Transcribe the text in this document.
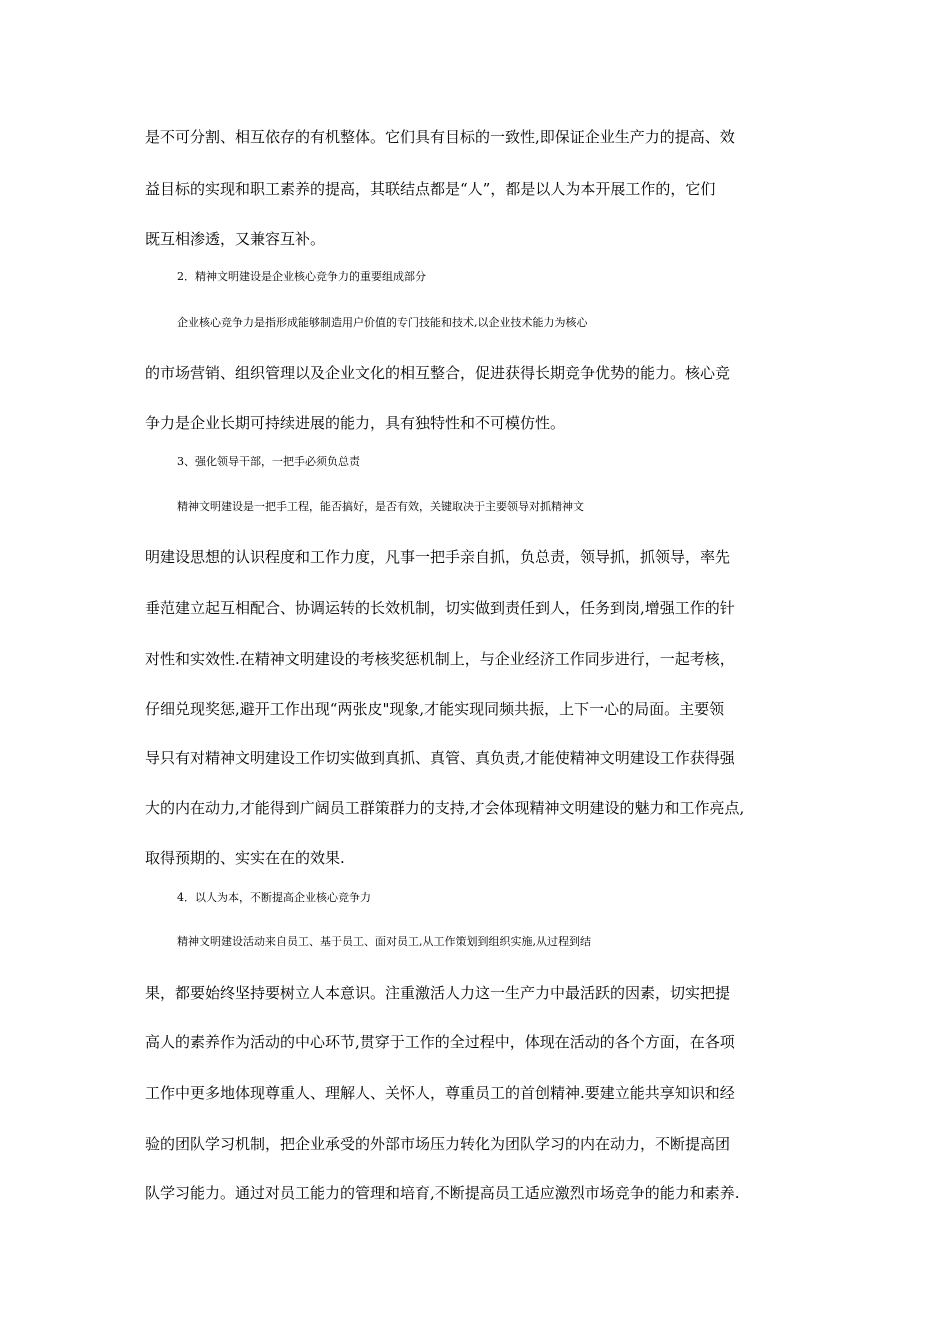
是不可分割、相互依存的有机整体。它们具有目标的一致性,即保证企业生产力的提高、效
益目标的实现和职工素养的提高，其联结点都是“人”，都是以人为本开展工作的，它们
既互相渗透，又兼容互补。
2．精神文明建设是企业核心竞争力的重要组成部分
企业核心竞争力是指形成能够制造用户价值的专门技能和技术,以企业技术能力为核心
的市场营销、组织管理以及企业文化的相互整合，促进获得长期竞争优势的能力。核心竞
争力是企业长期可持续进展的能力，具有独特性和不可模仿性。
3、强化领导干部，一把手必须负总责
精神文明建设是一把手工程，能否搞好，是否有效，关键取决于主要领导对抓精神文
明建设思想的认识程度和工作力度，凡事一把手亲自抓，负总责，领导抓，抓领导，率先
垂范建立起互相配合、协调运转的长效机制，切实做到责任到人，任务到岗,增强工作的针
对性和实效性.在精神文明建设的考核奖惩机制上，与企业经济工作同步进行，一起考核，
仔细兑现奖惩,避开工作出现“两张皮"现象,才能实现同频共振，上下一心的局面。主要领
导只有对精神文明建设工作切实做到真抓、真管、真负责,才能使精神文明建设工作获得强
大的内在动力,才能得到广阔员工群策群力的支持,才会体现精神文明建设的魅力和工作亮点,
取得预期的、实实在在的效果.
4．以人为本，不断提高企业核心竞争力
精神文明建设活动来自员工、基于员工、面对员工,从工作策划到组织实施,从过程到结
果，都要始终坚持要树立人本意识。注重激活人力这一生产力中最活跃的因素，切实把提
高人的素养作为活动的中心环节,贯穿于工作的全过程中，体现在活动的各个方面，在各项
工作中更多地体现尊重人、理解人、关怀人，尊重员工的首创精神.要建立能共享知识和经
验的团队学习机制，把企业承受的外部市场压力转化为团队学习的内在动力，不断提高团
队学习能力。通过对员工能力的管理和培育,不断提高员工适应激烈市场竞争的能力和素养.
